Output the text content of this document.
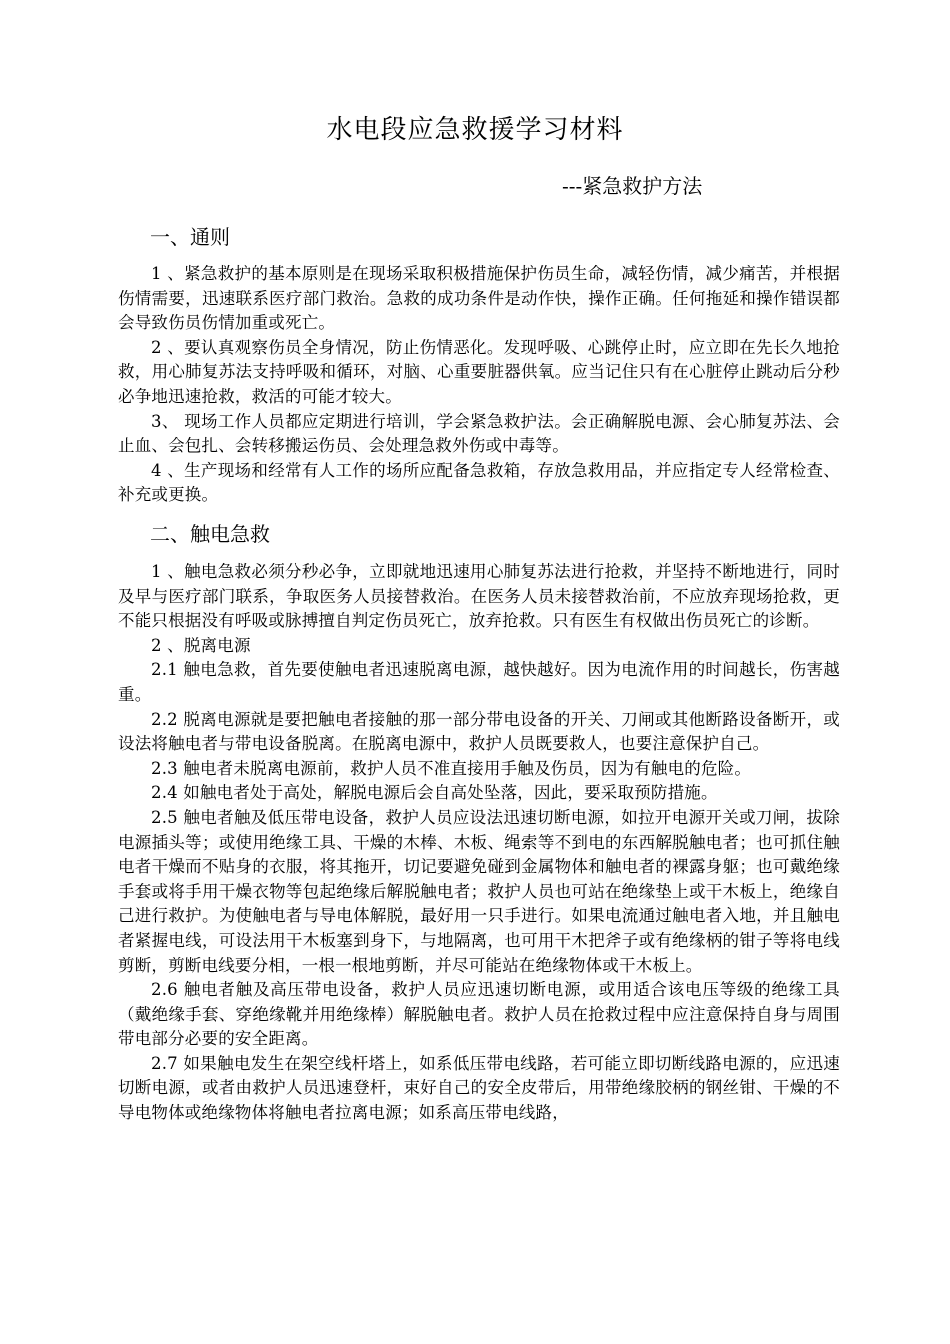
水电段应急救援学习材料
---紧急救护方法
一、通则

1 、紧急救护的基本原则是在现场采取积极措施保护伤员生命，减轻伤情，减少痛苦，并根据伤情需要，迅速联系医疗部门救治。急救的成功条件是动作快，操作正确。任何拖延和操作错误都会导致伤员伤情加重或死亡。

2 、要认真观察伤员全身情况，防止伤情恶化。发现呼吸、心跳停止时，应立即在先长久地抢救，用心肺复苏法支持呼吸和循环，对脑、心重要脏器供氧。应当记住只有在心脏停止跳动后分秒必争地迅速抢救，救活的可能才较大。

3、 现场工作人员都应定期进行培训，学会紧急救护法。会正确解脱电源、会心肺复苏法、会止血、会包扎、会转移搬运伤员、会处理急救外伤或中毒等。

4 、生产现场和经常有人工作的场所应配备急救箱，存放急救用品，并应指定专人经常检查、补充或更换。

二、触电急救

1 、触电急救必须分秒必争，立即就地迅速用心肺复苏法进行抢救，并坚持不断地进行，同时及早与医疗部门联系，争取医务人员接替救治。在医务人员未接替救治前，不应放弃现场抢救，更不能只根据没有呼吸或脉搏擅自判定伤员死亡，放弃抢救。只有医生有权做出伤员死亡的诊断。

2 、脱离电源

2.1 触电急救，首先要使触电者迅速脱离电源，越快越好。因为电流作用的时间越长，伤害越重。

2.2 脱离电源就是要把触电者接触的那一部分带电设备的开关、刀闸或其他断路设备断开，或设法将触电者与带电设备脱离。在脱离电源中，救护人员既要救人，也要注意保护自己。

2.3 触电者未脱离电源前，救护人员不准直接用手触及伤员，因为有触电的危险。

2.4 如触电者处于高处，解脱电源后会自高处坠落，因此，要采取预防措施。

2.5 触电者触及低压带电设备，救护人员应设法迅速切断电源，如拉开电源开关或刀闸，拔除电源插头等；或使用绝缘工具、干燥的木棒、木板、绳索等不到电的东西解脱触电者；也可抓住触电者干燥而不贴身的衣服，将其拖开，切记要避免碰到金属物体和触电者的裸露身躯；也可戴绝缘手套或将手用干燥衣物等包起绝缘后解脱触电者；救护人员也可站在绝缘垫上或干木板上，绝缘自己进行救护。为使触电者与导电体解脱，最好用一只手进行。如果电流通过触电者入地，并且触电者紧握电线，可设法用干木板塞到身下，与地隔离，也可用干木把斧子或有绝缘柄的钳子等将电线剪断，剪断电线要分相，一根一根地剪断，并尽可能站在绝缘物体或干木板上。

2.6 触电者触及高压带电设备，救护人员应迅速切断电源，或用适合该电压等级的绝缘工具（戴绝缘手套、穿绝缘靴并用绝缘棒）解脱触电者。救护人员在抢救过程中应注意保持自身与周围带电部分必要的安全距离。

2.7 如果触电发生在架空线杆塔上，如系低压带电线路，若可能立即切断线路电源的，应迅速切断电源，或者由救护人员迅速登杆，束好自己的安全皮带后，用带绝缘胶柄的钢丝钳、干燥的不导电物体或绝缘物体将触电者拉离电源；如系高压带电线路，
